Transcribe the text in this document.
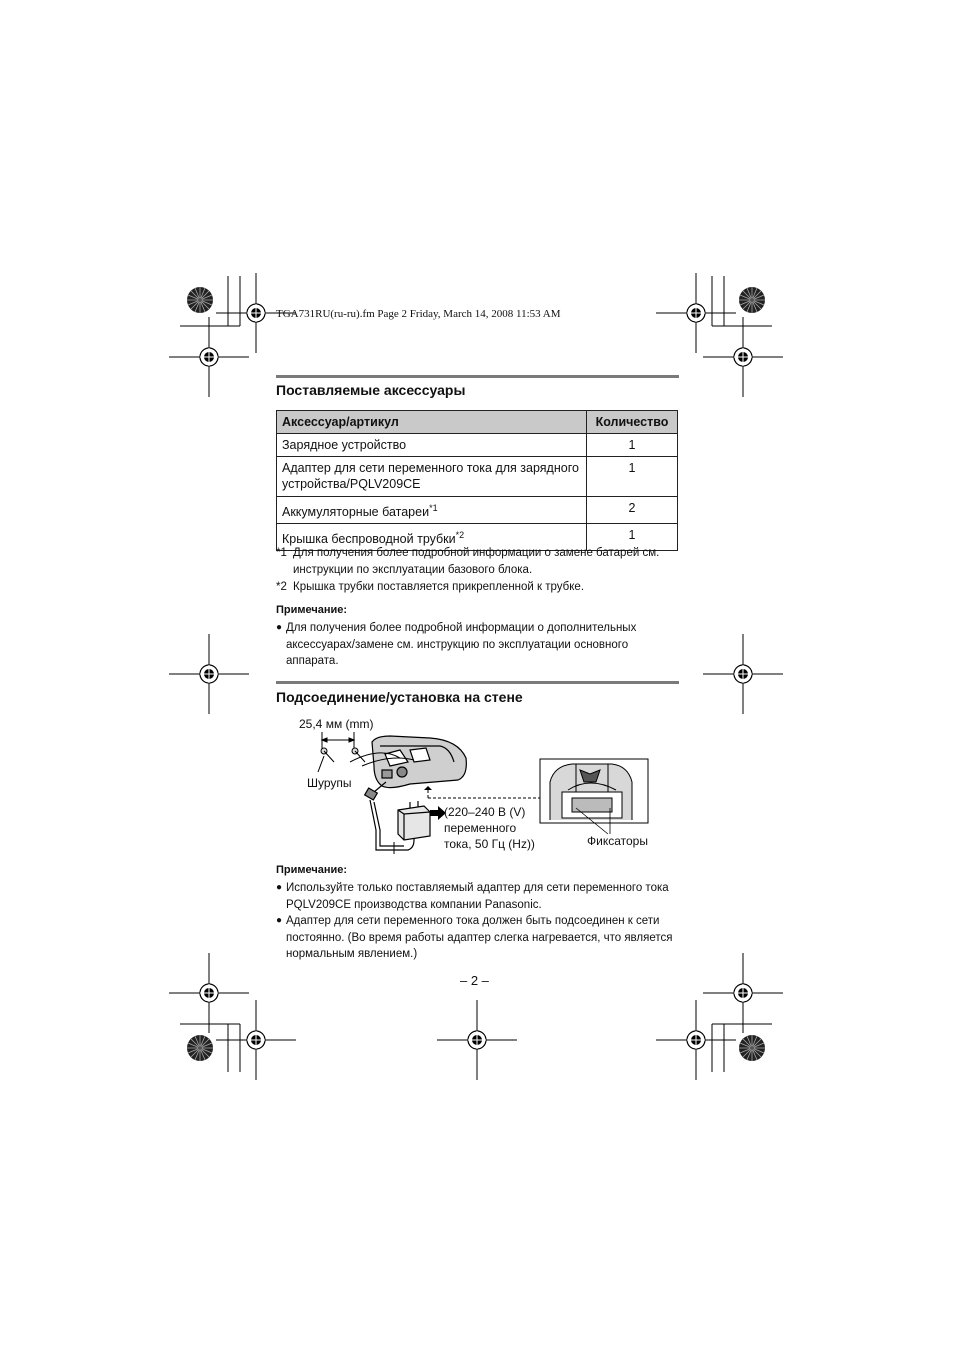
TGA731RU(ru-ru).fm Page 2 Friday, March 14, 2008 11:53 AM
Поставляемые аксессуары
Аксессуар/артикул	Количество
Зарядное устройство	1
Адаптер для сети переменного тока для зарядного устройства/PQLV209CE	1
Аккумуляторные батареи$^{*1}$	2
Крышка беспроводной трубки$^{*2}$	1
*1 Для получения более подробной информации о замене батарей см. инструкции по эксплуатации базового блока.
*2 Крышка трубки поставляется прикрепленной к трубке.
Примечание:
● Для получения более подробной информации о дополнительных аксессуарах/замене см. инструкцию по эксплуатации основного аппарата.
Подсоединение/установка на стене
25,4 мм (mm)
Шурупы
(220–240 В (V)
переменного
тока, 50 Гц (Hz))	Фиксаторы
Примечание:
● Используйте только поставляемый адаптер для сети переменного тока PQLV209CE производства компании Panasonic.
● Адаптер для сети переменного тока должен быть подсоединен к сети постоянно. (Во время работы адаптер слегка нагревается, что является нормальным явлением.)
– 2 –
